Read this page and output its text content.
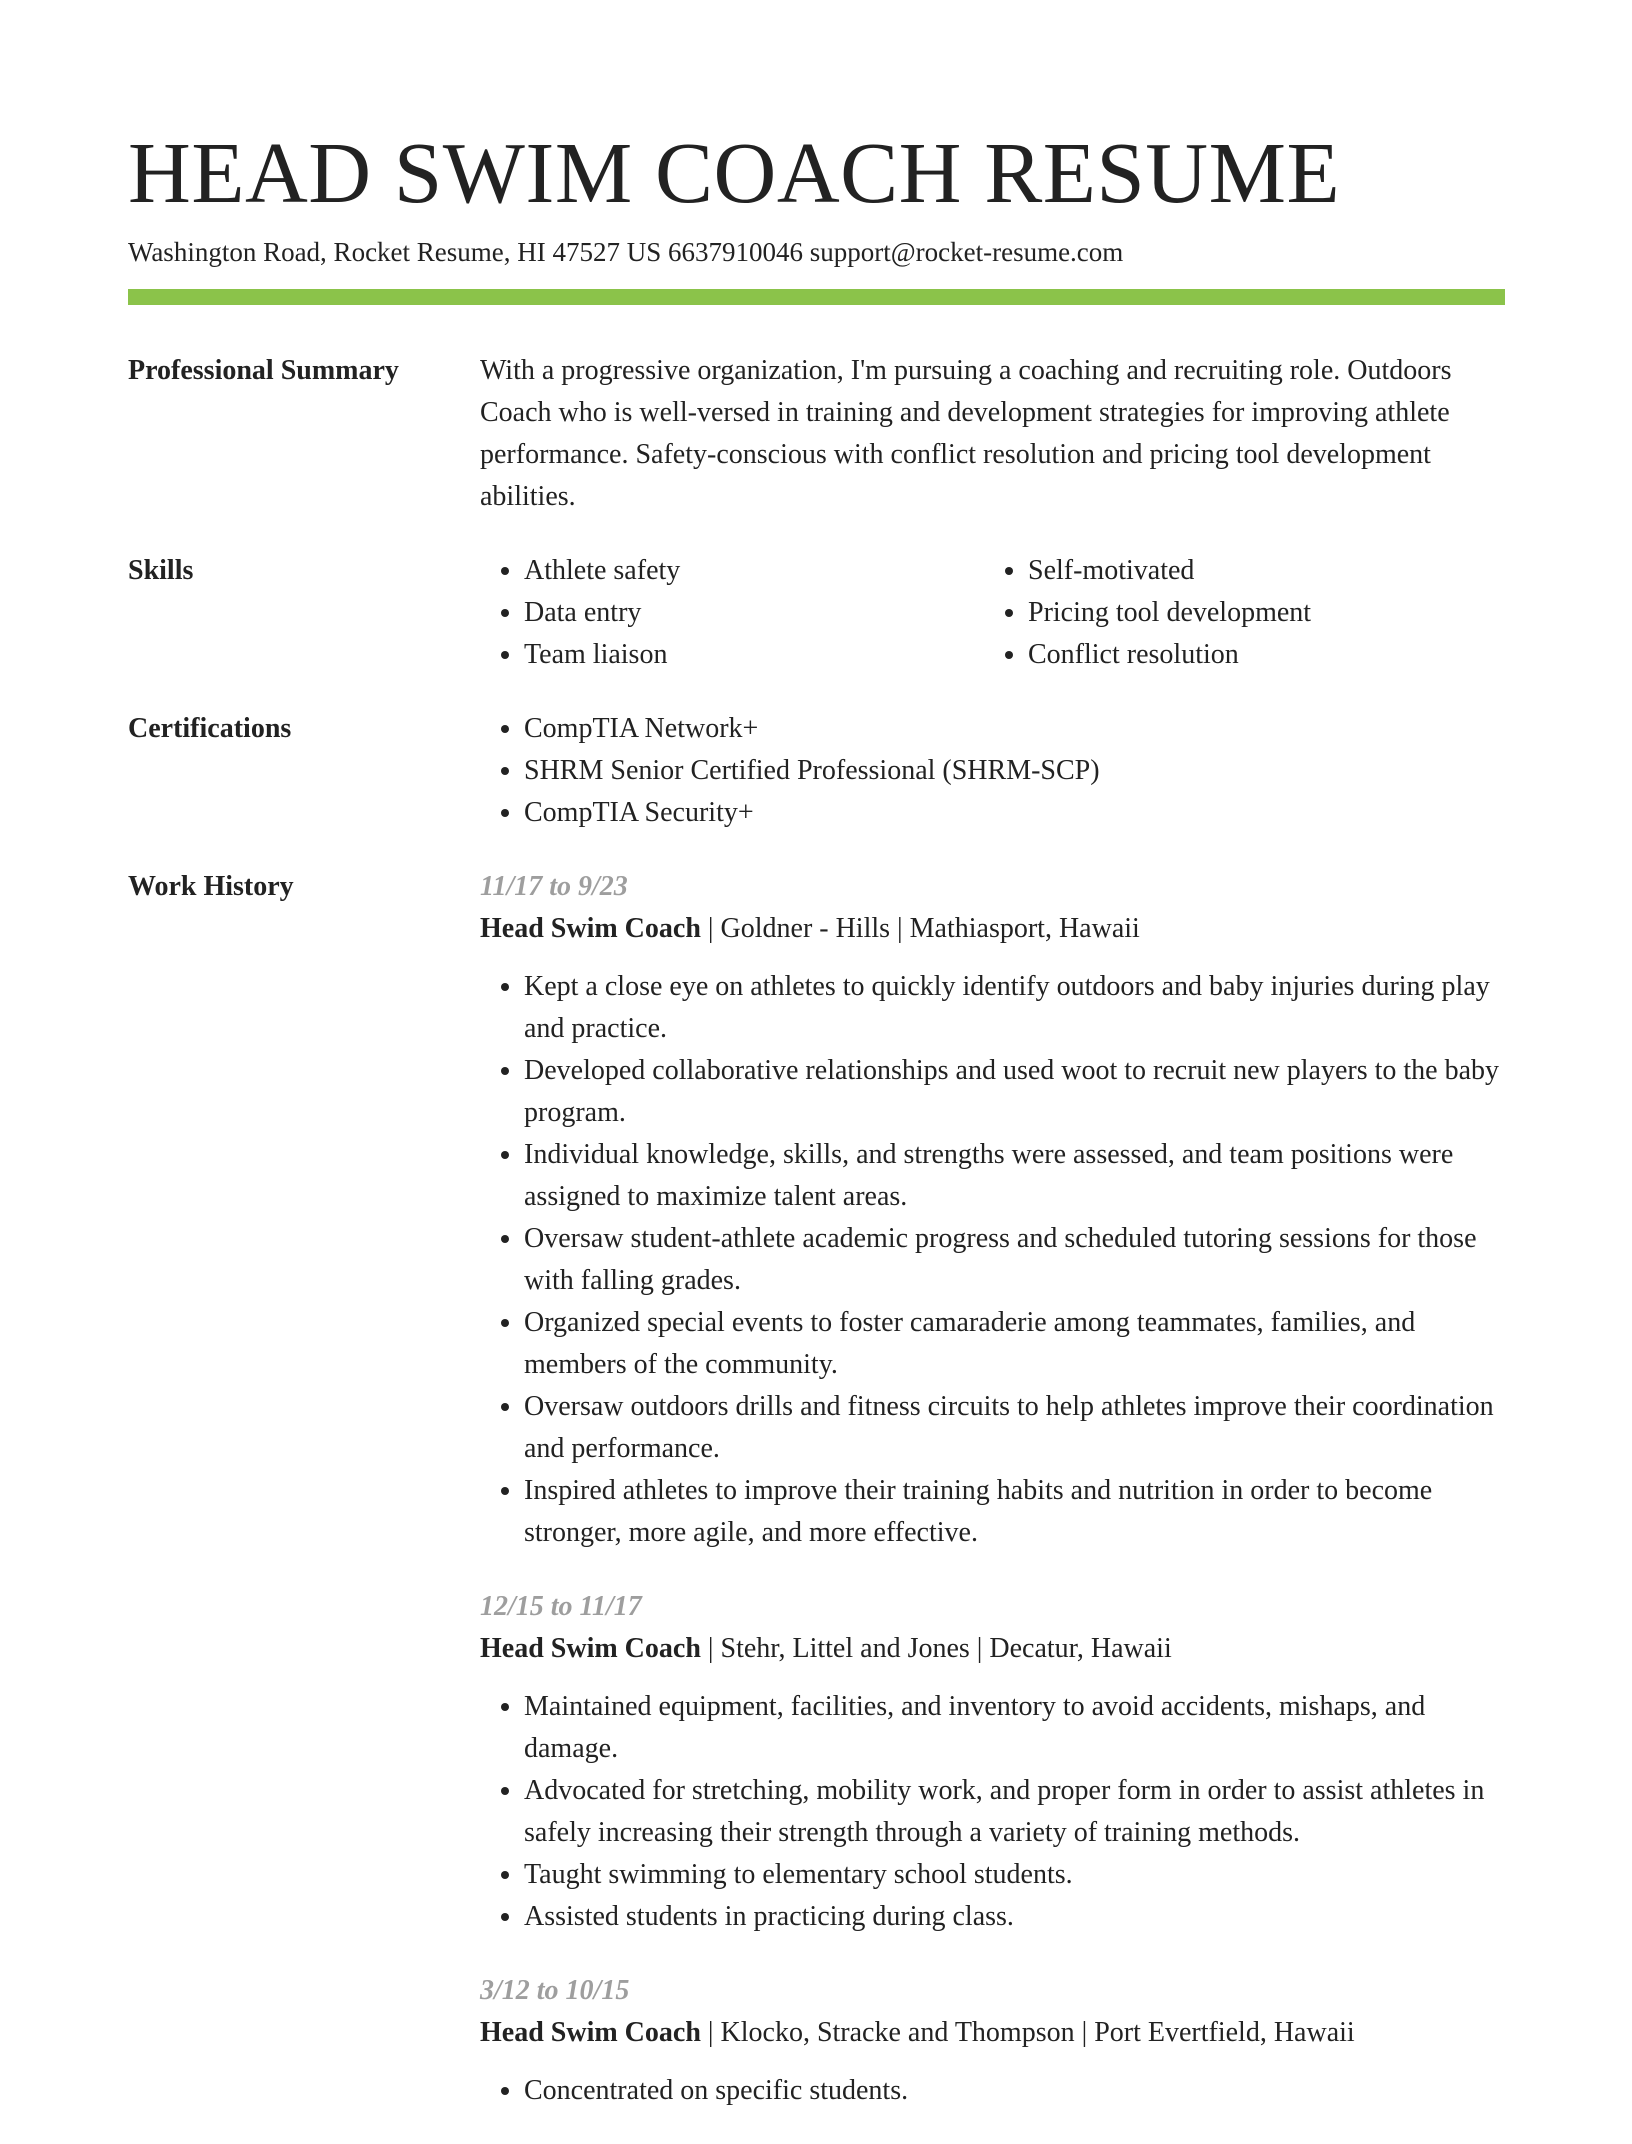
HEAD SWIM COACH RESUME
Washington Road, Rocket Resume, HI 47527 US 6637910046 support@rocket-resume.com
Professional Summary	With a progressive organization, I'm pursuing a coaching and recruiting role. Outdoors Coach who is well-versed in training and development strategies for improving athlete performance. Safety-conscious with conflict resolution and pricing tool development abilities.

Skills	• Athlete safety
• Data entry
• Team liaison
• Self-motivated
• Pricing tool development
• Conflict resolution
Certifications	• CompTIA Network+
• SHRM Senior Certified Professional (SHRM-SCP)
• CompTIA Security+
Work History	11/17 to 9/23
Head Swim Coach | Goldner - Hills | Mathiasport, Hawaii
• Kept a close eye on athletes to quickly identify outdoors and baby injuries during play and practice.
• Developed collaborative relationships and used woot to recruit new players to the baby program.
• Individual knowledge, skills, and strengths were assessed, and team positions were assigned to maximize talent areas.
• Oversaw student-athlete academic progress and scheduled tutoring sessions for those with falling grades.
• Organized special events to foster camaraderie among teammates, families, and members of the community.
• Oversaw outdoors drills and fitness circuits to help athletes improve their coordination and performance.
• Inspired athletes to improve their training habits and nutrition in order to become stronger, more agile, and more effective.
12/15 to 11/17
Head Swim Coach | Stehr, Littel and Jones | Decatur, Hawaii
• Maintained equipment, facilities, and inventory to avoid accidents, mishaps, and damage.
• Advocated for stretching, mobility work, and proper form in order to assist athletes in safely increasing their strength through a variety of training methods.
• Taught swimming to elementary school students.
• Assisted students in practicing during class.
3/12 to 10/15
Head Swim Coach | Klocko, Stracke and Thompson | Port Evertfield, Hawaii
• Concentrated on specific students.
